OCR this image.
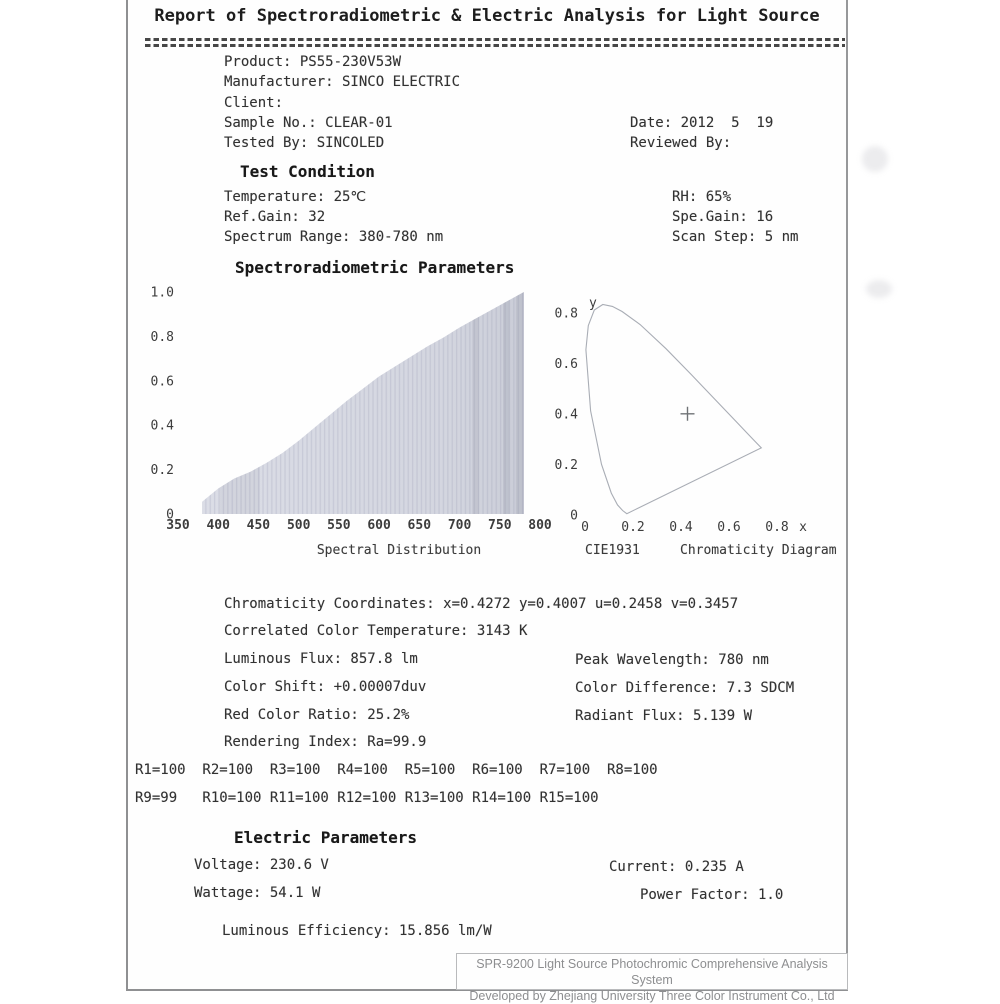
Report of Spectroradiometric & Electric Analysis for Light Source
Product: PS55-230V53W
Manufacturer: SINCO ELECTRIC
Client:
Sample No.: CLEAR-01
Tested By: SINCOLED
Date: 2012  5  19
Reviewed By:
Test Condition
Temperature: 25℃	RH: 65%
Ref.Gain: 32	Spe.Gain: 16
Spectrum Range: 380-780 nm	Scan Step: 5 nm
Spectroradiometric Parameters
1.0
0.8
0.6
0.4
0.2
0
350 400 450 500 550 600 650 700 750 800
Spectral Distribution
0.8
0.6
0.4
0.2
0
y
0 0.2 0.4 0.6 0.8 x
CIE1931	Chromaticity Diagram
Chromaticity Coordinates: x=0.4272 y=0.4007 u=0.2458 v=0.3457
Correlated Color Temperature: 3143 K
Luminous Flux: 857.8 lm	Peak Wavelength: 780 nm
Color Shift: +0.00007duv	Color Difference: 7.3 SDCM
Red Color Ratio: 25.2%	Radiant Flux: 5.139 W
Rendering Index: Ra=99.9
R1=100  R2=100  R3=100  R4=100  R5=100  R6=100  R7=100  R8=100
R9=99   R10=100 R11=100 R12=100 R13=100 R14=100 R15=100
Electric Parameters
Voltage: 230.6 V	Current: 0.235 A
Wattage: 54.1 W	Power Factor: 1.0
Luminous Efficiency: 15.856 lm/W
SPR-9200 Light Source Photochromic Comprehensive Analysis System
Developed by Zhejiang University Three Color Instrument Co., Ltd
